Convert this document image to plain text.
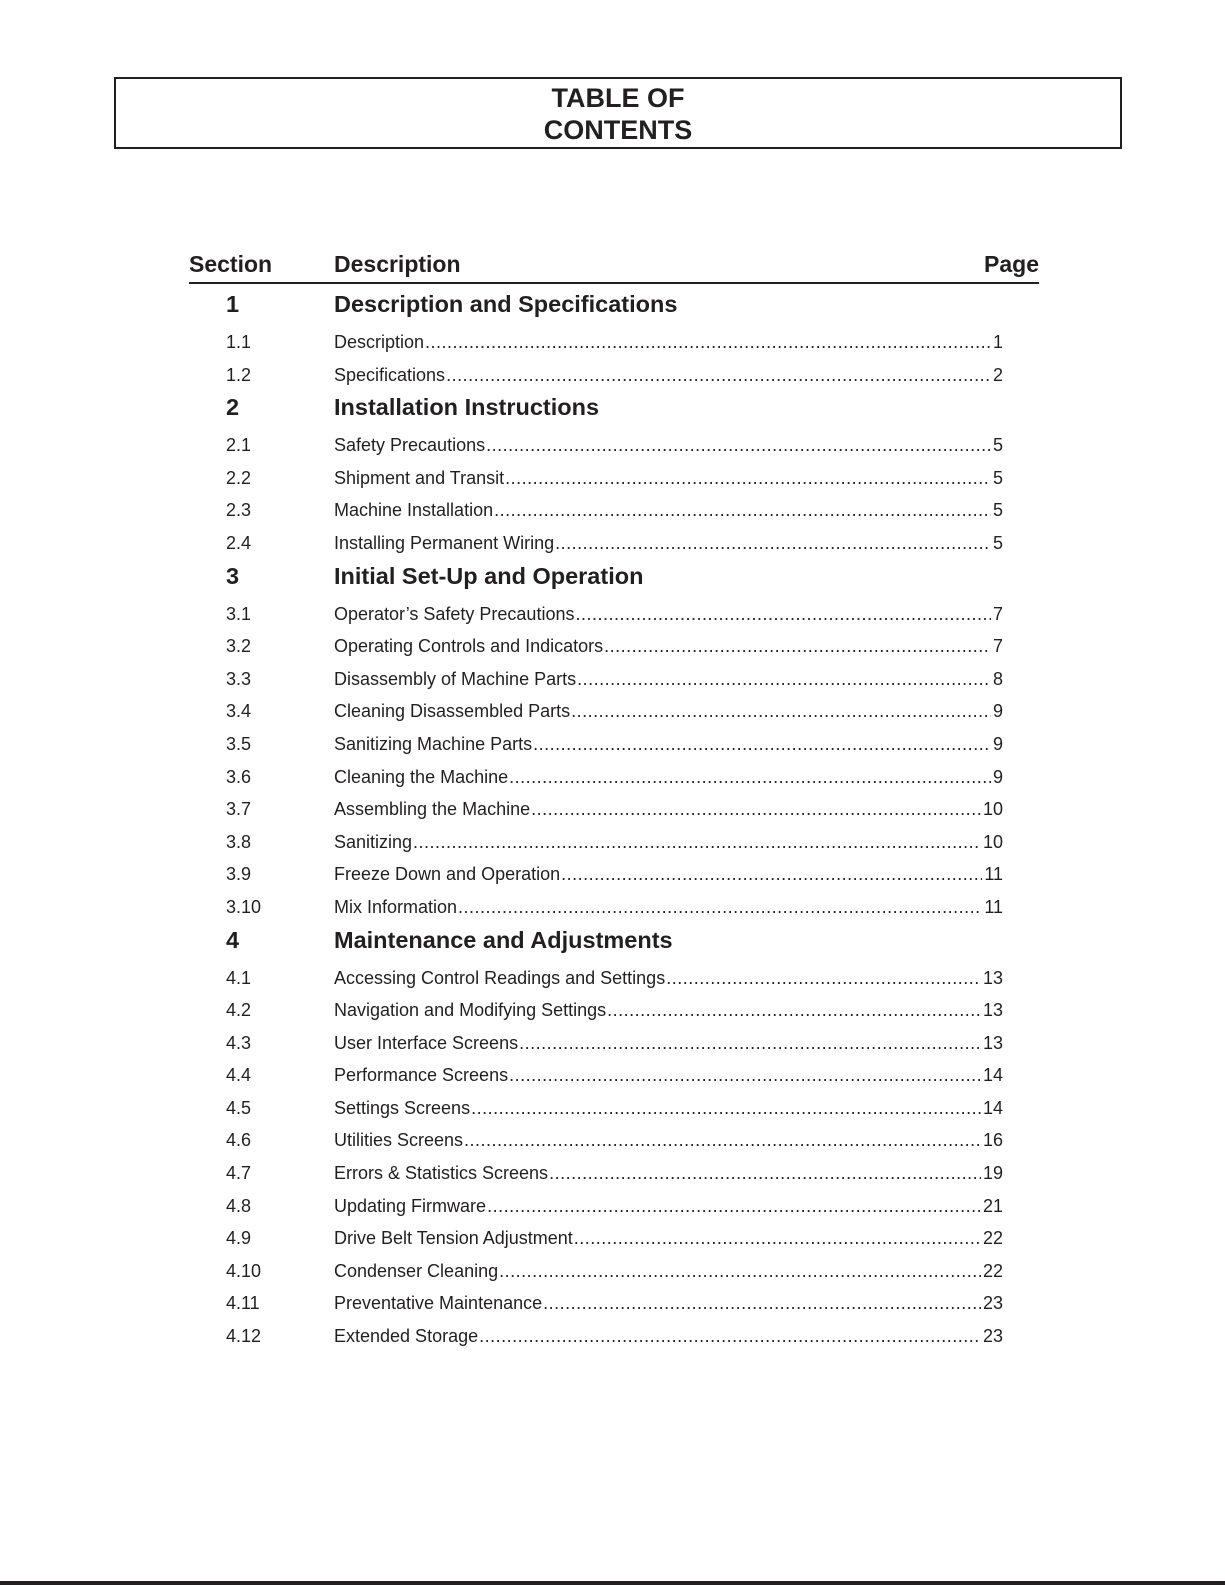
TABLE OF
CONTENTS
Section	Description	Page
1	Description and Specifications
1.1	Description .....	1
1.2	Specifications .....	2
2	Installation Instructions
2.1	Safety Precautions .....	5
2.2	Shipment and Transit .....	5
2.3	Machine Installation .....	5
2.4	Installing Permanent Wiring .....	5
3	Initial Set-Up and Operation
3.1	Operator’s Safety Precautions .....	7
3.2	Operating Controls and Indicators .....	7
3.3	Disassembly of Machine Parts .....	8
3.4	Cleaning Disassembled Parts .....	9
3.5	Sanitizing Machine Parts .....	9
3.6	Cleaning the Machine .....	9
3.7	Assembling the Machine .....	10
3.8	Sanitizing .....	10
3.9	Freeze Down and Operation .....	11
3.10	Mix Information .....	11
4	Maintenance and Adjustments
4.1	Accessing Control Readings and Settings .....	13
4.2	Navigation and Modifying Settings .....	13
4.3	User Interface Screens .....	13
4.4	Performance Screens .....	14
4.5	Settings Screens .....	14
4.6	Utilities Screens .....	16
4.7	Errors & Statistics Screens .....	19
4.8	Updating Firmware .....	21
4.9	Drive Belt Tension Adjustment .....	22
4.10	Condenser Cleaning .....	22
4.11	Preventative Maintenance .....	23
4.12	Extended Storage .....	23
